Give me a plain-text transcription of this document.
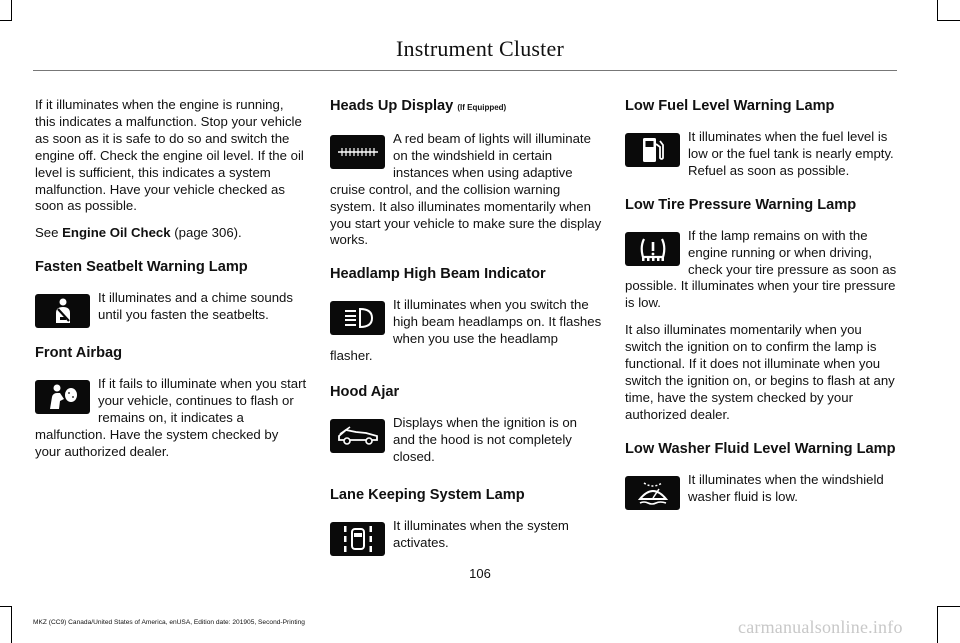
Instrument Cluster

If it illuminates when the engine is running, this indicates a malfunction. Stop your vehicle as soon as it is safe to do so and switch the engine off. Check the engine oil level. If the oil level is sufficient, this indicates a system malfunction. Have your vehicle checked as soon as possible.

See Engine Oil Check (page 306).

Fasten Seatbelt Warning Lamp

It illuminates and a chime sounds until you fasten the seatbelts.

Front Airbag

If it fails to illuminate when you start your vehicle, continues to flash or remains on, it indicates a malfunction. Have the system checked by your authorized dealer.

Heads Up Display (If Equipped)

A red beam of lights will illuminate on the windshield in certain instances when using adaptive cruise control, and the collision warning system. It also illuminates momentarily when you start your vehicle to make sure the display works.

Headlamp High Beam Indicator

It illuminates when you switch the high beam headlamps on. It flashes when you use the headlamp flasher.

Hood Ajar

Displays when the ignition is on and the hood is not completely closed.

Lane Keeping System Lamp

It illuminates when the system activates.

Low Fuel Level Warning Lamp

It illuminates when the fuel level is low or the fuel tank is nearly empty. Refuel as soon as possible.

Low Tire Pressure Warning Lamp

If the lamp remains on with the engine running or when driving, check your tire pressure as soon as possible. It illuminates when your tire pressure is low.

It also illuminates momentarily when you switch the ignition on to confirm the lamp is functional. If it does not illuminate when you switch the ignition on, or begins to flash at any time, have the system checked by your authorized dealer.

Low Washer Fluid Level Warning Lamp

It illuminates when the windshield washer fluid is low.

106
MKZ (CC9) Canada/United States of America, enUSA, Edition date: 201905, Second-Printing	carmanualsonline.info
